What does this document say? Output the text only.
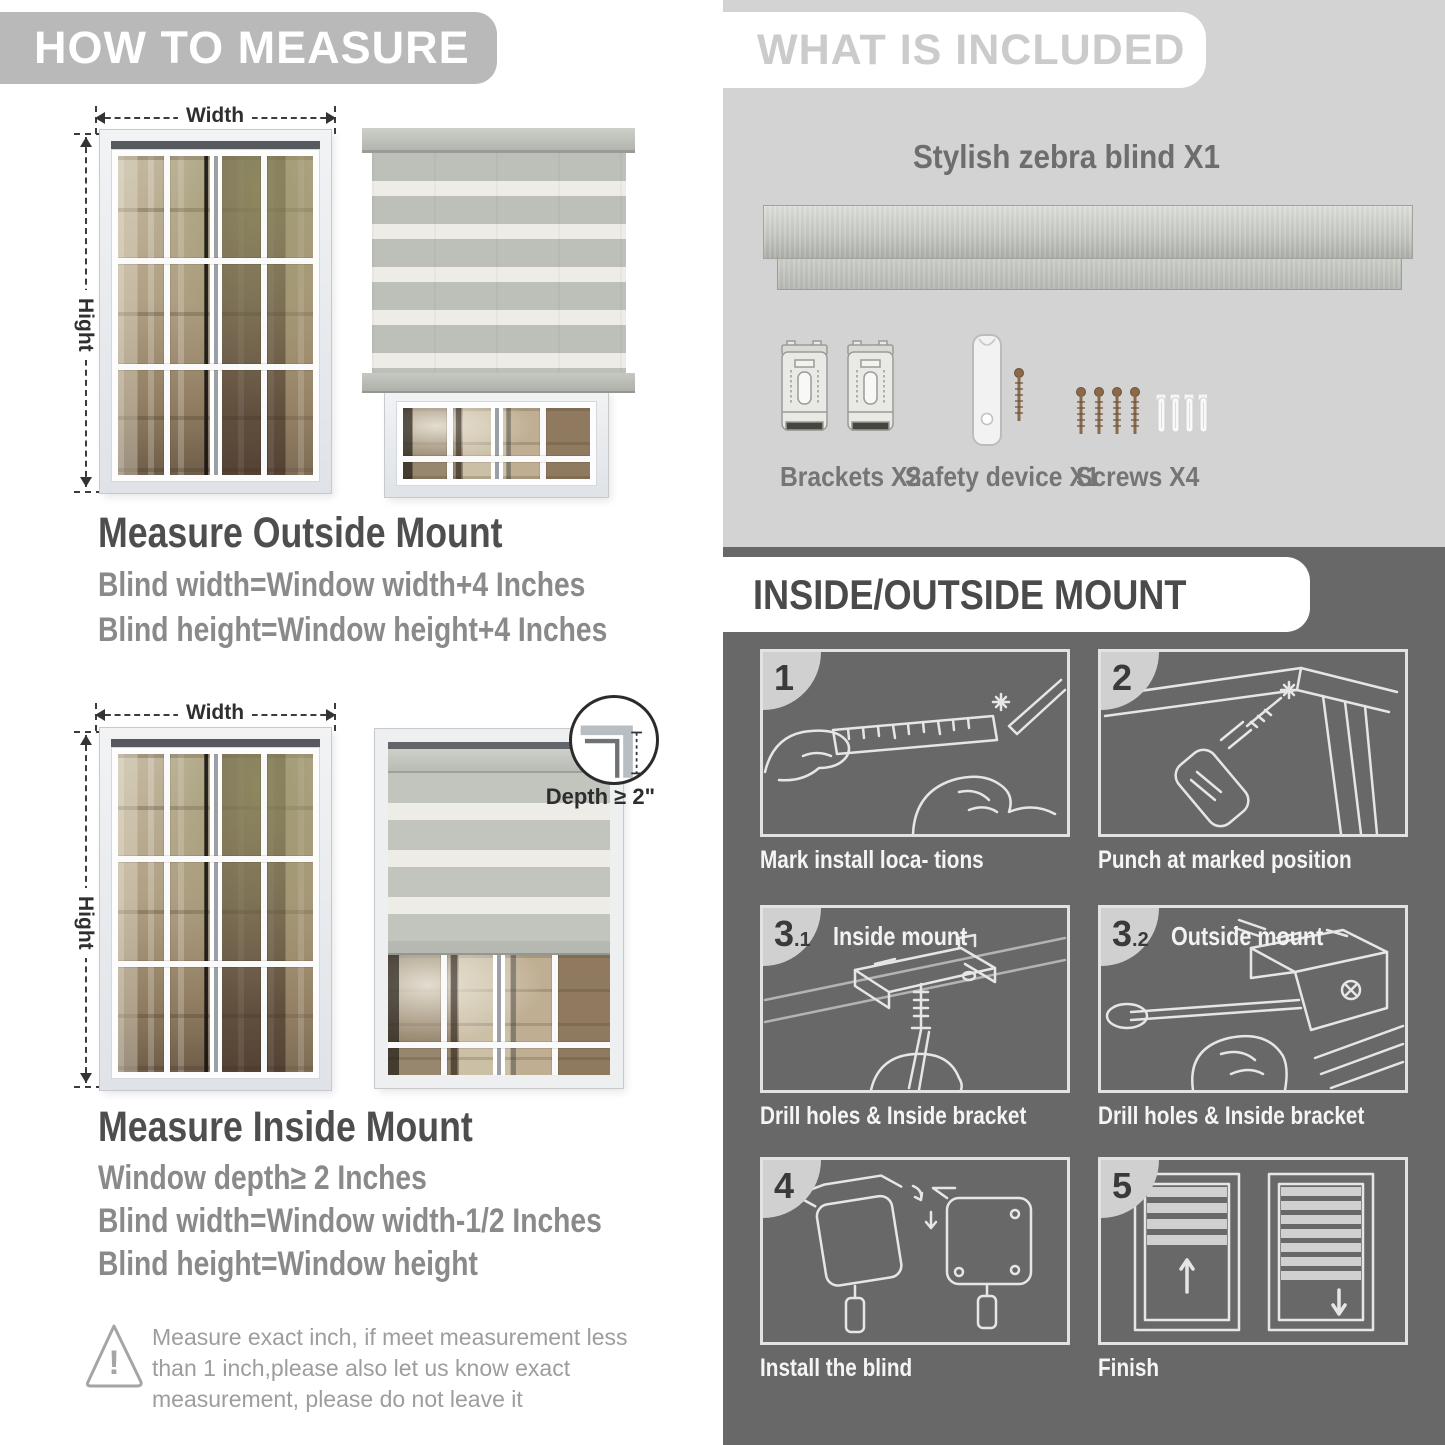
HOW TO MEASURE
Width
Hight
Measure Outside Mount
Blind width=Window width+4 Inches
Blind height=Window height+4 Inches
Width
Hight
Depth ≥ 2"
Measure Inside Mount
Window depth≥ 2 Inches
Blind width=Window width-1/2 Inches
Blind height=Window height
!
Measure exact inch, if meet measurement less
than 1 inch,please also let us know exact
measurement, please do not leave it
WHAT IS INCLUDED
Stylish zebra blind X1
Brackets X2
Safety device X1
Screws X4
INSIDE/OUTSIDE MOUNT
1
Mark install loca- tions
2
Punch at marked position
3.1 Inside mount
Drill holes & Inside bracket
3.2 Outside mount
Drill holes & Inside bracket
4
Install the blind
5
Finish
